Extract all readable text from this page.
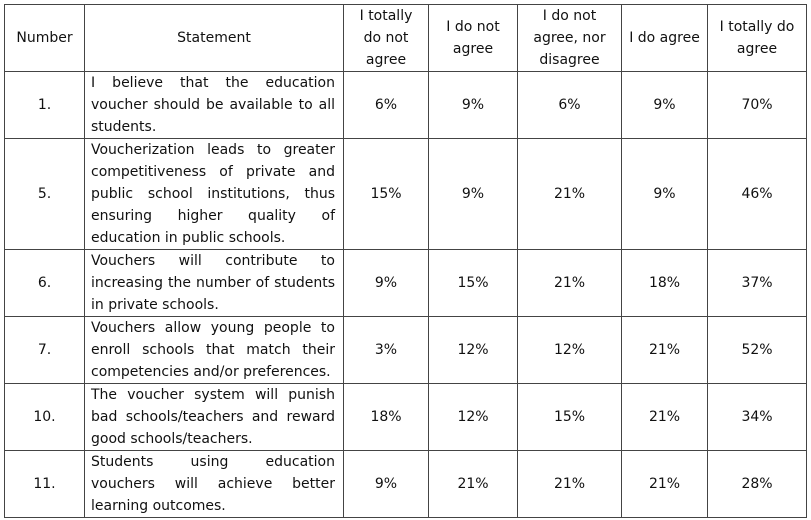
Number	Statement	I totally do not agree	I do not agree	I do not agree, nor disagree	I do agree	I totally do agree
1.	I believe that the education voucher should be available to all students.	6%	9%	6%	9%	70%
5.	Voucherization leads to greater competitiveness of private and public school institutions, thus ensuring higher quality of education in public schools.	15%	9%	21%	9%	46%
6.	Vouchers will contribute to increasing the number of students in private schools.	9%	15%	21%	18%	37%
7.	Vouchers allow young people to enroll schools that match their competencies and/or preferences.	3%	12%	12%	21%	52%
10.	The voucher system will punish bad schools/teachers and reward good schools/teachers.	18%	12%	15%	21%	34%
11.	Students using education vouchers will achieve better learning outcomes.	9%	21%	21%	21%	28%
